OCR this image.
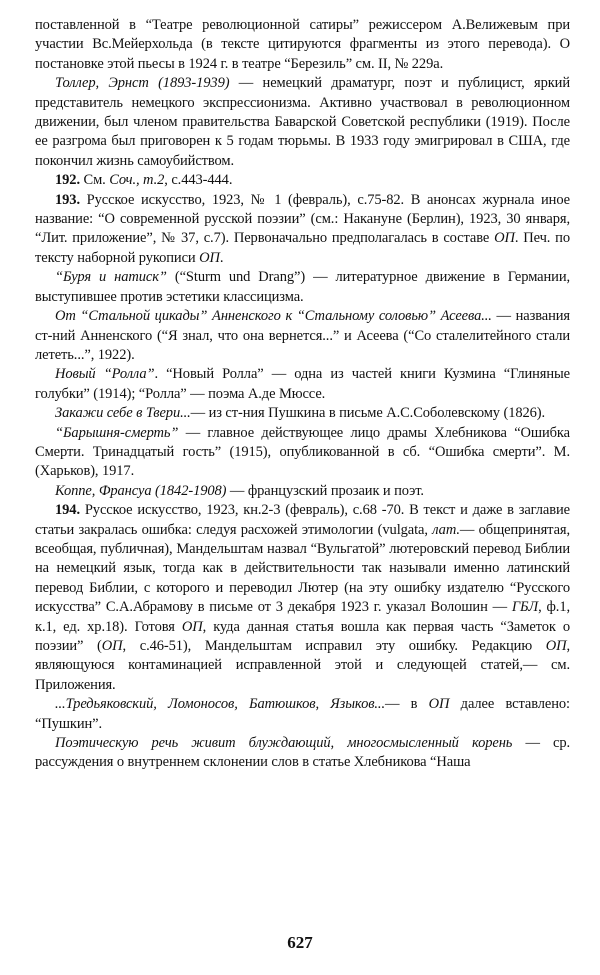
поставленной в “Театре революционной сатиры” режиссером А.Велижевым при участии Вс.Мейерхольда (в тексте цитируются фрагменты из этого перевода). О постановке этой пьесы в 1924 г. в театре “Березиль” см. II, № 229а.

Толлер, Эрнст (1893-1939) — немецкий драматург, поэт и публицист, яркий представитель немецкого экспрессионизма. Активно участвовал в революционном движении, был членом правительства Баварской Советской республики (1919). После ее разгрома был приговорен к 5 годам тюрьмы. В 1933 году эмигрировал в США, где покончил жизнь самоубийством.

192. См. Соч., т.2, с.443-444.

193. Русское искусство, 1923, № 1 (февраль), с.75-82. В анонсах журнала иное название: “О современной русской поэзии” (см.: Накануне (Берлин), 1923, 30 января, “Лит. приложение”, № 37, с.7). Первоначально предполагалась в составе ОП. Печ. по тексту наборной рукописи ОП.

“Буря и натиск” (“Sturm und Drang”) — литературное движение в Германии, выступившее против эстетики классицизма.

От “Стальной цикады” Анненского к “Стальному соловью” Асеева... — названия ст-ний Анненского (“Я знал, что она вернется...” и Асеева (“Со сталелитейного стали лететь...”, 1922).

Новый “Ролла”. “Новый Ролла” — одна из частей книги Кузмина “Глиняные голубки” (1914); “Ролла” — поэма А.де Мюссе.

Закажи себе в Твери...— из ст-ния Пушкина в письме А.С.Соболевскому (1826).

“Барышня-смерть” — главное действующее лицо драмы Хлебникова “Ошибка Смерти. Тринадцатый гость” (1915), опубликованной в сб. “Ошибка смерти”. М. (Харьков), 1917.

Коппе, Франсуа (1842-1908) — французский прозаик и поэт.

194. Русское искусство, 1923, кн.2-3 (февраль), с.68 -70. В текст и даже в заглавие статьи закралась ошибка: следуя расхожей этимологии (vulgata, лат.— общепринятая, всеобщая, публичная), Мандельштам назвал “Вульгатой” лютеровский перевод Библии на немецкий язык, тогда как в действительности так называли именно латинский перевод Библии, с которого и переводил Лютер (на эту ошибку издателю “Русского искусства” С.А.Абрамову в письме от 3 декабря 1923 г. указал Волошин — ГБЛ, ф.1, к.1, ед. хр.18). Готовя ОП, куда данная статья вошла как первая часть “Заметок о поэзии” (ОП, с.46-51), Мандельштам исправил эту ошибку. Редакцию ОП, являющуюся контаминацией исправленной этой и следующей статей,— см. Приложения.

...Тредьяковский, Ломоносов, Батюшков, Языков...— в ОП далее вставлено: “Пушкин”.

Поэтическую речь живит блуждающий, многосмысленный корень — ср. рассуждения о внутреннем склонении слов в статье Хлебникова “Наша

627
